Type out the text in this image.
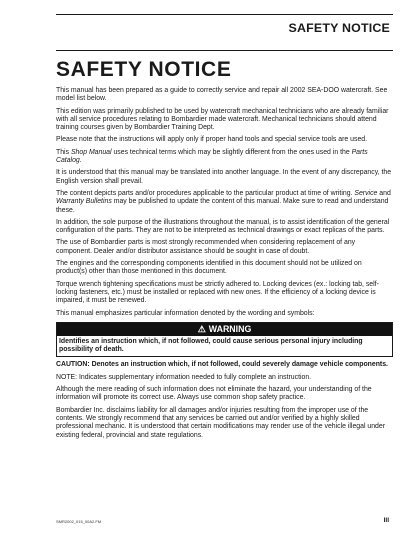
SAFETY NOTICE
SAFETY NOTICE

This manual has been prepared as a guide to correctly service and repair all 2002 SEA-DOO watercraft. See model list below.

This edition was primarily published to be used by watercraft mechanical technicians who are already familiar with all service procedures relating to Bombardier made watercraft. Mechanical technicians should attend training courses given by Bombardier Training Dept.

Please note that the instructions will apply only if proper hand tools and special service tools are used.

This Shop Manual uses technical terms which may be slightly different from the ones used in the Parts Catalog.

It is understood that this manual may be translated into another language. In the event of any discrepancy, the English version shall prevail.

The content depicts parts and/or procedures applicable to the particular product at time of writing. Service and Warranty Bulletins may be published to update the content of this manual. Make sure to read and understand these.

In addition, the sole purpose of the illustrations throughout the manual, is to assist identification of the general configuration of the parts. They are not to be interpreted as technical drawings or exact replicas of the parts.

The use of Bombardier parts is most strongly recommended when considering replacement of any component. Dealer and/or distributor assistance should be sought in case of doubt.

The engines and the corresponding components identified in this document should not be utilized on product(s) other than those mentioned in this document.

Torque wrench tightening specifications must be strictly adhered to. Locking devices (ex.: locking tab, self-locking fasteners, etc.) must be installed or replaced with new ones. If the efficiency of a locking device is impaired, it must be renewed.

This manual emphasizes particular information denoted by the wording and symbols:

⚠ WARNING
Identifies an instruction which, if not followed, could cause serious personal injury including possibility of death.

CAUTION: Denotes an instruction which, if not followed, could severely damage vehicle components.

NOTE: Indicates supplementary information needed to fully complete an instruction.

Although the mere reading of such information does not eliminate the hazard, your understanding of the information will promote its correct use. Always use common shop safety practice.

Bombardier Inc. disclaims liability for all damages and/or injuries resulting from the improper use of the contents. We strongly recommend that any services be carried out and/or verified by a highly skilled professional mechanic. It is understood that certain modifications may render use of the vehicle illegal under existing federal, provincial and state regulations.

SMR2002_015_00A2.FM	III
